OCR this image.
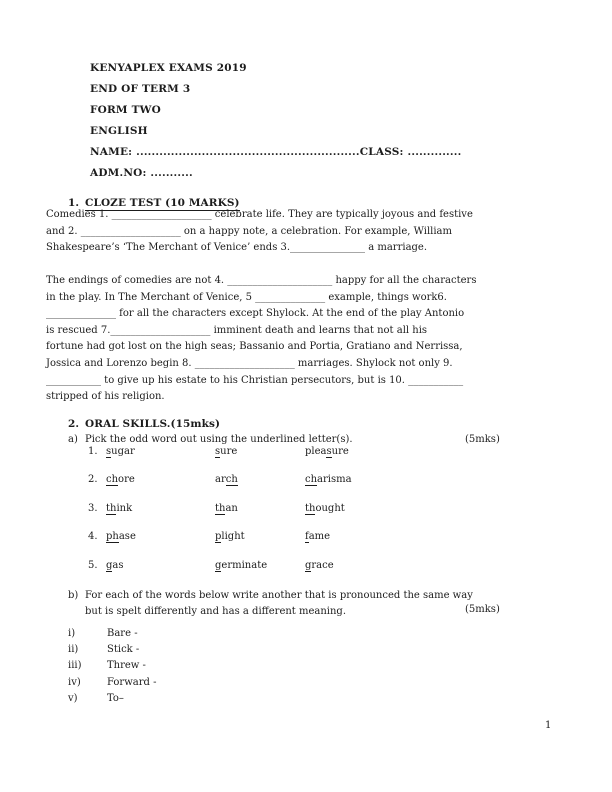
KENYAPLEX EXAMS 2019
END OF TERM 3
FORM TWO
ENGLISH
NAME: ..........................................................CLASS: ..............
ADM.NO: ...........
1. CLOZE TEST (10 MARKS)
Comedies 1. ____________________ celebrate life. They are typically joyous and festive
and 2. ____________________ on a happy note, a celebration. For example, William
Shakespeare’s ‘The Merchant of Venice’ ends 3._______________ a marriage.
The endings of comedies are not 4. _____________________ happy for all the characters
in the play. In The Merchant of Venice, 5 ______________ example, things work6.
______________ for all the characters except Shylock. At the end of the play Antonio
is rescued 7.____________________ imminent death and learns that not all his
fortune had got lost on the high seas; Bassanio and Portia, Gratiano and Nerrissa,
Jossica and Lorenzo begin 8. ____________________ marriages. Shylock not only 9.
___________ to give up his estate to his Christian persecutors, but is 10. ___________
stripped of his religion.
2. ORAL SKILLS.(15mks)
a) Pick the odd word out using the underlined letter(s).	(5mks)
1. sugar	sure	pleasure
2. chore	arch	charisma
3. think	than	thought
4. phase	plight	fame
5. gas	germinate	grace
b) For each of the words below write another that is pronounced the same way
but is spelt differently and has a different meaning.	(5mks)
i)	Bare -
ii)	Stick -
iii)	Threw -
iv)	Forward -
v)	To–
1
